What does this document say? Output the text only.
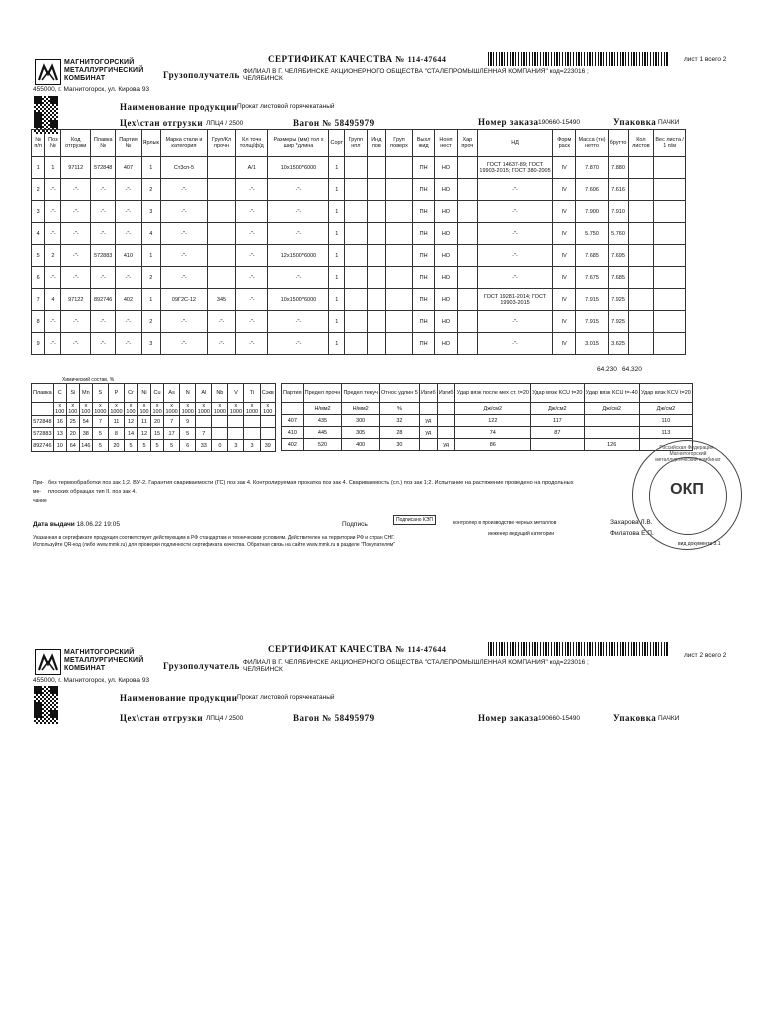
МАГНИТОГОРСКИЙ
МЕТАЛЛУРГИЧЕСКИЙ
КОМБИНАТ
455000, г. Магнитогорск, ул. Кирова 93
СЕРТИФИКАТ КАЧЕСТВА № 114-47644	лист 1 всего 2
Грузополучатель ФИЛИАЛ В Г. ЧЕЛЯБИНСКЕ АКЦИОНЕРНОГО ОБЩЕСТВА "СТАЛЕПРОМЫШЛЕННАЯ КОМПАНИЯ" код=223016 ;
ЧЕЛЯБИНСК
Наименование продукции Прокат листовой горячекатаный
Цех\стан отгрузки ЛПЦ4 / 2500	Вагон № 58495979	Номер заказа 190660-15490	Упаковка ПАЧКИ
№ п/п	Поз №	Код отгрузки	Плавка №	Партия №	Ярлык	Марка стали и категория	Груп/Кл прочн	Кл точн толщ/ф/д	Размеры (мм) тол х шир *длина	Сорт	Групп нпл	Инд пов	Груп поверх	Выхл жид	Нонп нест	Хар проч	НД	Форм раск	Масса (тн) нетто	брутто	Кол листов	Вес листа / 1 п/м
1	1	97112	572848	407	1	Ст3сп-5		А/1	10x1500*6000	1				ПН	НО		ГОСТ 14637-89; ГОСТ 19903-2015; ГОСТ 380-2005	IV	7.870	7.880		
2	-"-	-"-	-"-	-"-	2	-"-		-"-	-"-	1				ПН	НО		-"-	IV	7.606	7.616		
3	-"-	-"-	-"-	-"-	3	-"-		-"-	-"-	1				ПН	НО		-"-	IV	7.900	7.910		
4	-"-	-"-	-"-	-"-	4	-"-		-"-	-"-	1				ПН	НО		-"-	IV	5.750	5.760		
5	2	-"-	572883	410	1	-"-		-"-	12x1500*6000	1				ПН	НО		-"-	IV	7.685	7.695		
6	-"-	-"-	-"-	-"-	2	-"-		-"-	-"-	1				ПН	НО		-"-	IV	7.675	7.685		
7	4	97122	892746	402	1	09Г2С-12	345	-"-	10x1500*6000	1				ПН	НО		ГОСТ 19281-2014; ГОСТ 19903-2015	IV	7.915	7.925		
8	-"-	-"-	-"-	-"-	2	-"-	-"-	-"-	-"-	1				ПН	НО		-"-	IV	7.915	7.925		
9	-"-	-"-	-"-	-"-	3	-"-	-"-	-"-	-"-	1				ПН	НО		-"-	IV	3.015	3.625		
64.230 64.320
Химический состав, %
Плавка	C	Si	Mn	S	P	Cr	Ni	Cu	As	N	Al	Nb	V	Ti	Сэкв
	x 100	x 100	x 100	x 1000	x 1000	x 100	x 100	x 100	x 1000	x 1000	x 1000	x 1000	x 1000	x 1000	x 100
572848	16	25	54	7	11	12	11	20	7	9					
572883	13	20	38	5	8	14	12	15	17	5	7				
892746	10	64	146	5	20	5	5	5	5	6	33	0	3	3	39
Партия	Предел прочн	Предел текуч	Относ удлин 5	Изгиб	Изгиб	Удар вязк после мех ст. t=20	Удар вязк KCU t=20	Удар вязк KCU t=-40	Удар вязк KCV t=20
	Н/мм2	Н/мм2	%			Дж/см2	Дж/см2	Дж/см2	Дж/см2
407	435	300	32	уд		122	117		110
410	445	305	28	уд		74	87		113
402	520	400	30		уд	86		126	
При-
ме-
чание
без термообработки поз зак 1;2. ВУ-2. Гарантия свариваемости (ГС) поз зак 4. Контролируемая прокатка поз зак 4. Свариваемость (сл.) поз зак 1;2. Испытание на растяжение проведено на продольных
плоских образцах тип II. поз зак 4.
Дата выдачи 18.06.22 19:05	Подпись
Подписано КЭП	контролер в производстве черных металлов
инженер ведущий категории
Захарова Л.В.
Филатова Е.П.
Указанная в сертификате продукция соответствует действующим в РФ стандартам и техническим условиям. Действителен на территории РФ и стран СНГ.
Используйте QR-код (либо www.mmk.ru) для проверки подлинности сертификата качества. Обратная связь на сайте www.mmk.ru в разделе "Покупателям"	вид документа 3.1
Российская Федерация · Магнитогорский металлургический комбинат
ОКП
МАГНИТОГОРСКИЙ
МЕТАЛЛУРГИЧЕСКИЙ
КОМБИНАТ
455000, г. Магнитогорск, ул. Кирова 93
СЕРТИФИКАТ КАЧЕСТВА № 114-47644
лист 2 всего 2
Грузополучатель ФИЛИАЛ В Г. ЧЕЛЯБИНСКЕ АКЦИОНЕРНОГО ОБЩЕСТВА "СТАЛЕПРОМЫШЛЕННАЯ КОМПАНИЯ" код=223016 ;
ЧЕЛЯБИНСК
Наименование продукции Прокат листовой горячекатаный
Цех\стан отгрузки ЛПЦ4 / 2500	Вагон № 58495979	Номер заказа 190660-15490	Упаковка ПАЧКИ
